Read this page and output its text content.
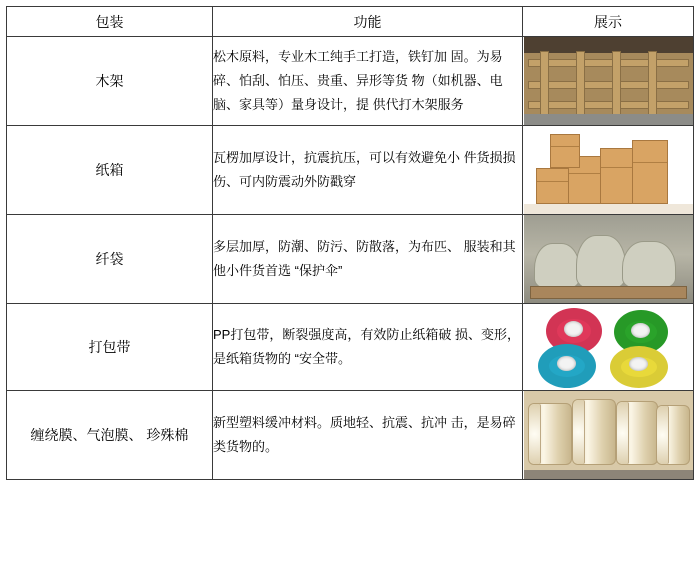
包装	功能	展示
木架	松木原料，专业木工纯手工打造，铁钉加 固。为易碎、怕刮、怕压、贵重、异形等货 物（如机器、电脑、家具等）量身设计，提 供代打木架服务	

纸箱	瓦楞加厚设计，抗震抗压，可以有效避免小 件货损损伤、可内防震动外防戳穿	

纤袋	多层加厚，防潮、防污、防散落，为布匹、 服装和其他小件货首选 “保护伞”	

打包带	PP打包带，断裂强度高，有效防止纸箱破 损、变形，是纸箱货物的 “安全带。	

缠绕膜、气泡膜、 珍殊棉	新型塑料缓冲材料。质地轻、抗震、抗冲 击，是易碎类货物的。	
